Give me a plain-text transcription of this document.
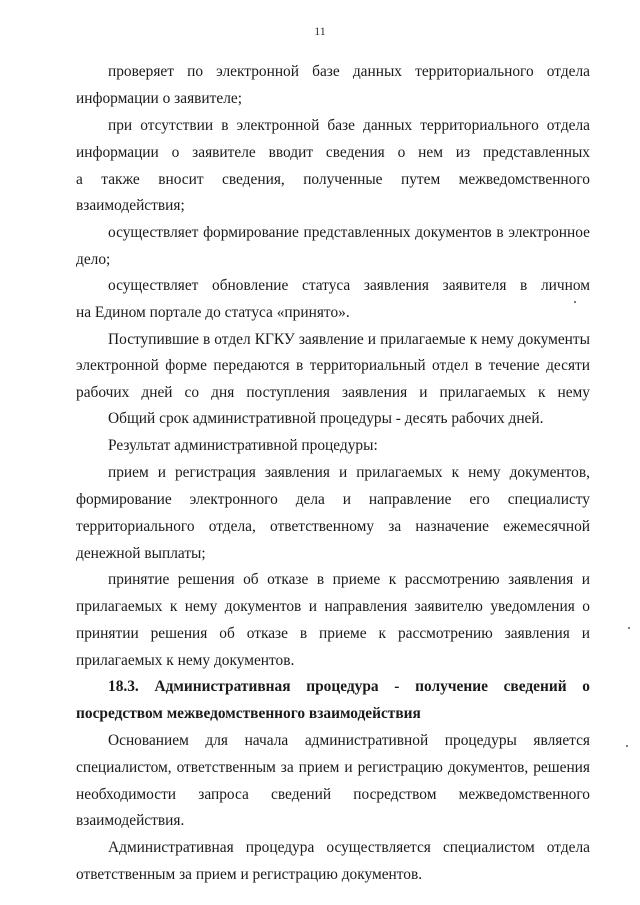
11
проверяет по электронной базе данных территориального отдела
информации о заявителе;
при отсутствии в электронной базе данных территориального отдела
информации о заявителе вводит сведения о нем из представленных
а также вносит сведения, полученные путем межведомственного
взаимодействия;
осуществляет формирование представленных документов в электронное
дело;
осуществляет обновление статуса заявления заявителя в личном
на Едином портале до статуса «принято».
Поступившие в отдел КГКУ заявление и прилагаемые к нему документы
электронной форме передаются в территориальный отдел в течение десяти
рабочих дней со дня поступления заявления и прилагаемых к нему
Общий срок административной процедуры - десять рабочих дней.
Результат административной процедуры:
прием и регистрация заявления и прилагаемых к нему документов,
формирование электронного дела и направление его специалисту
территориального отдела, ответственному за назначение ежемесячной
денежной выплаты;
принятие решения об отказе в приеме к рассмотрению заявления и
прилагаемых к нему документов и направления заявителю уведомления о
принятии решения об отказе в приеме к рассмотрению заявления и
прилагаемых к нему документов.
18.3. Административная процедура - получение сведений о
посредством межведомственного взаимодействия
Основанием для начала административной процедуры является
специалистом, ответственным за прием и регистрацию документов, решения
необходимости запроса сведений посредством межведомственного
взаимодействия.
Административная процедура осуществляется специалистом отдела
ответственным за прием и регистрацию документов.
